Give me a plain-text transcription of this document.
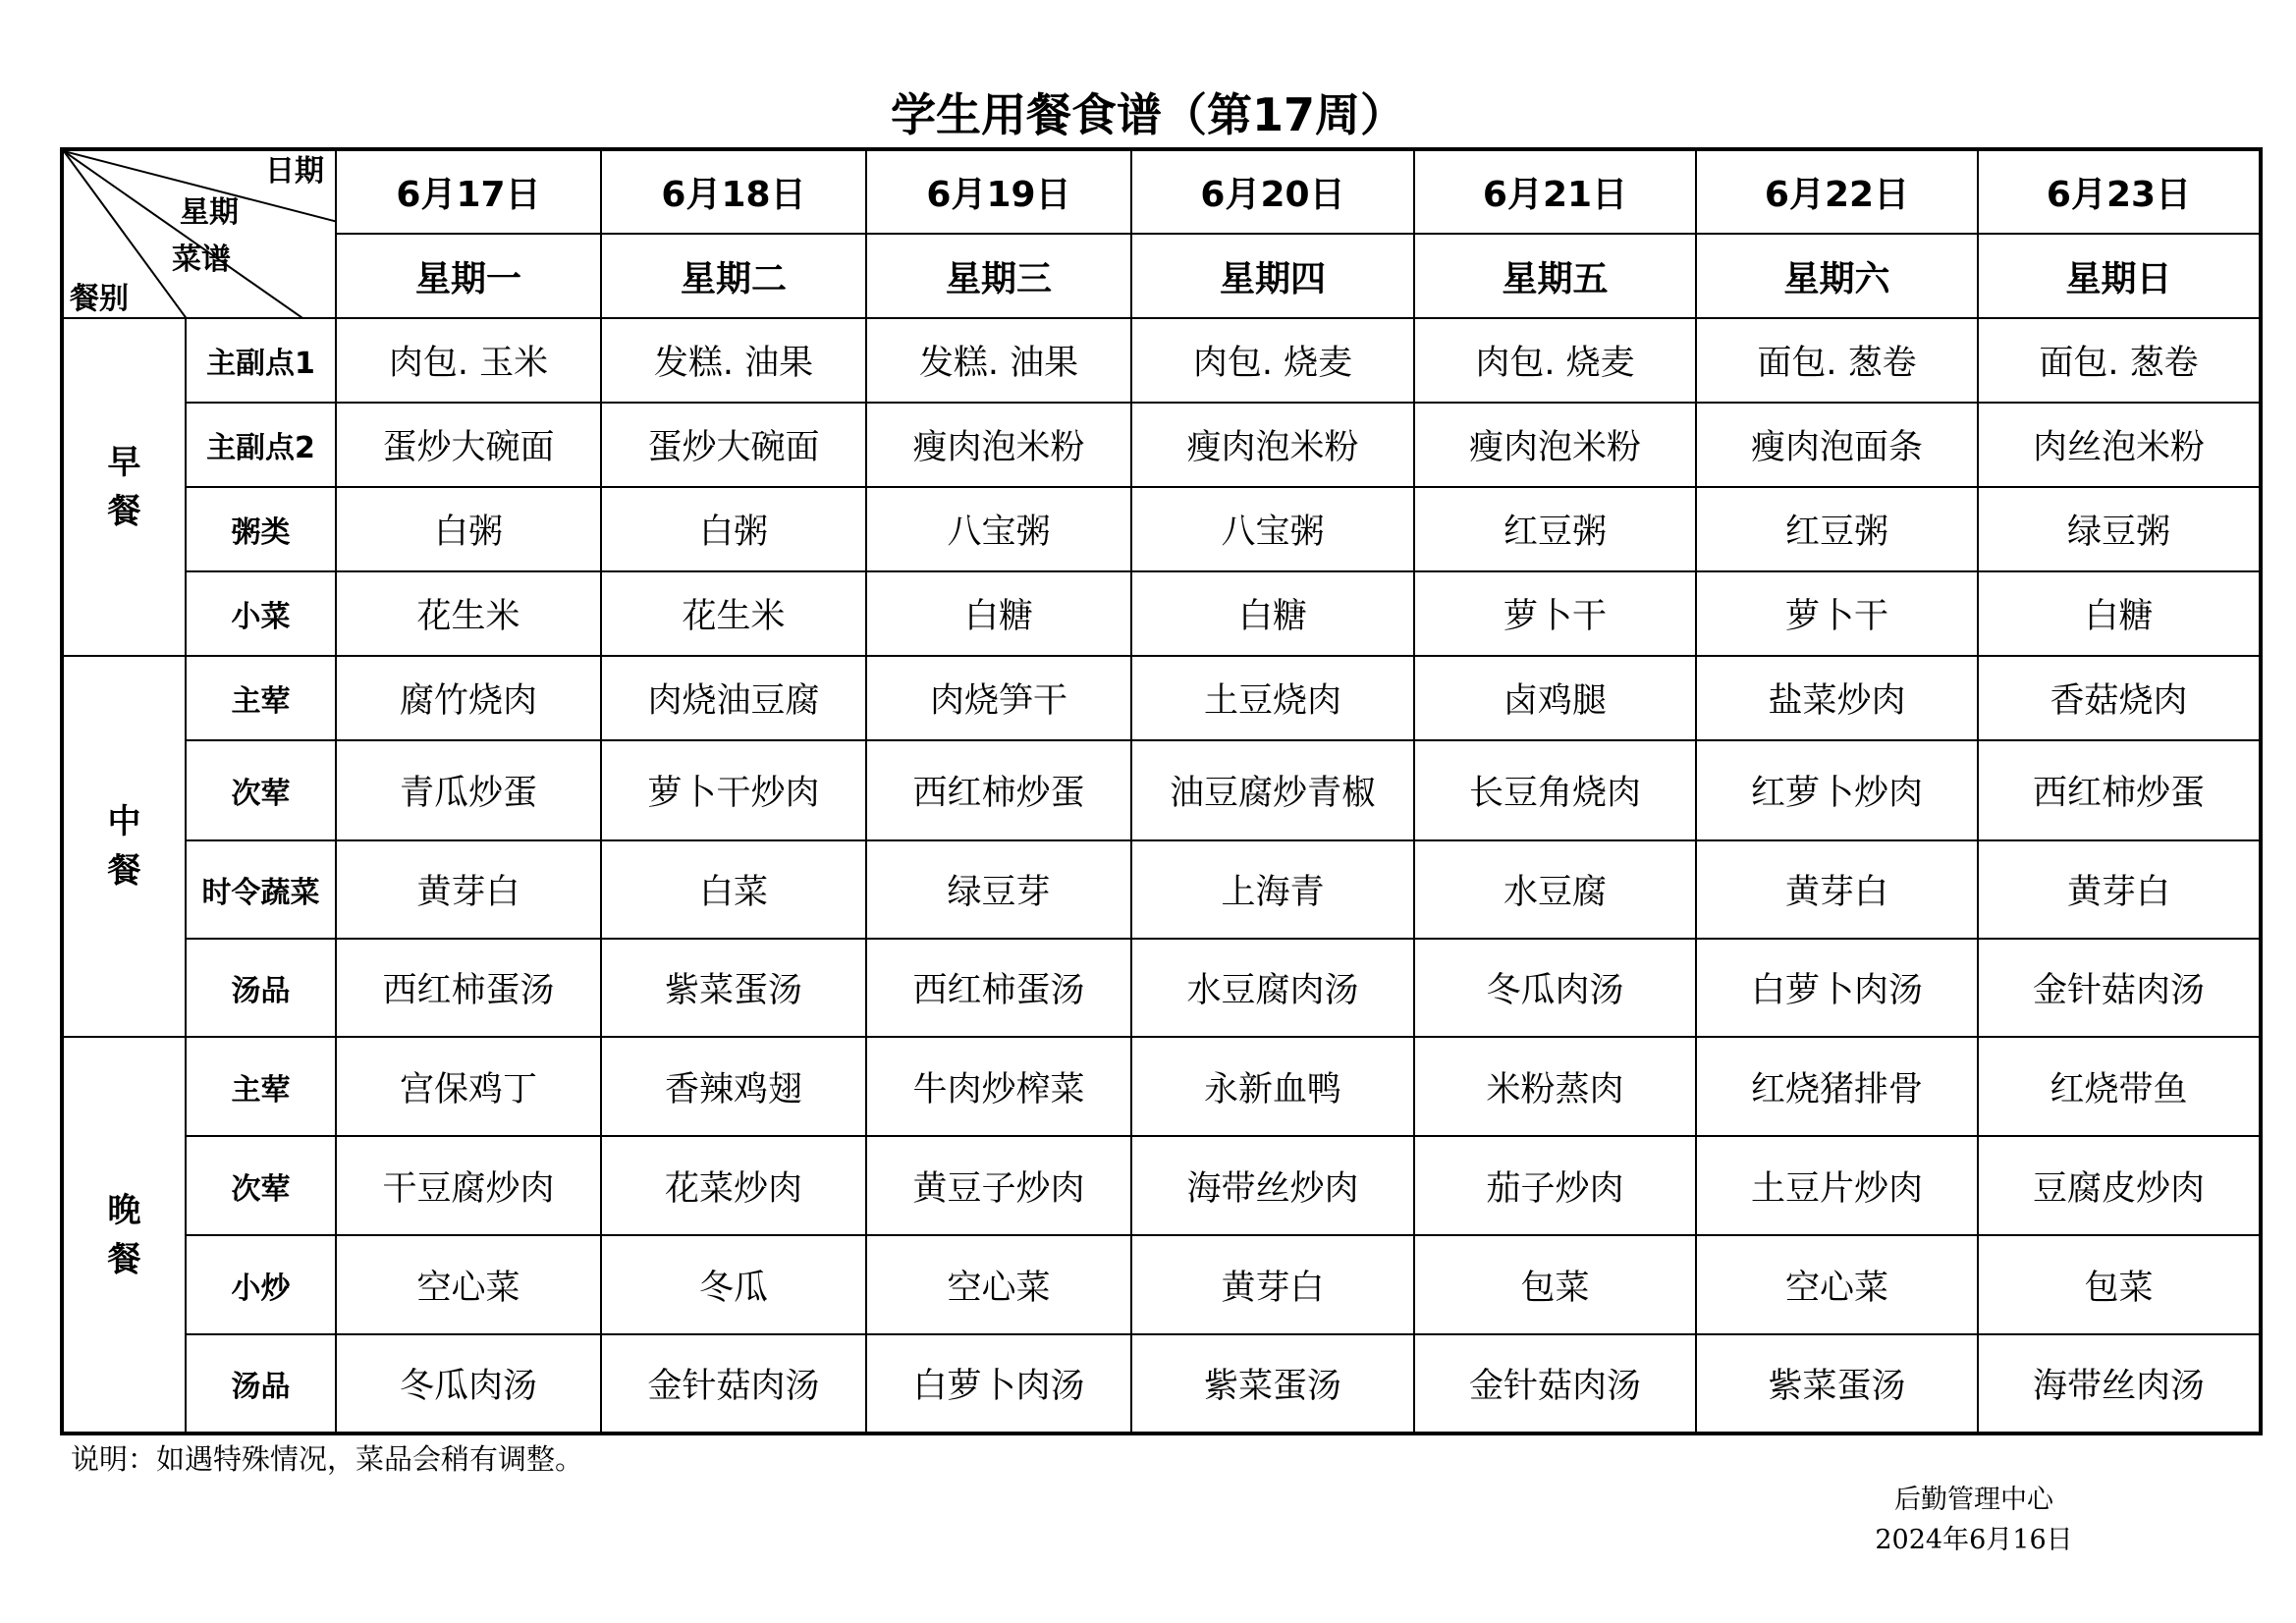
学生用餐食谱（第17周）
日期
星期
菜谱
餐别		6月17日	6月18日	6月19日	6月20日	6月21日	6月22日	6月23日
		星期一	星期二	星期三	星期四	星期五	星期六	星期日
早餐	主副点1	肉包. 玉米	发糕. 油果	发糕. 油果	肉包. 烧麦	肉包. 烧麦	面包. 葱卷	面包. 葱卷
	主副点2	蛋炒大碗面	蛋炒大碗面	瘦肉泡米粉	瘦肉泡米粉	瘦肉泡米粉	瘦肉泡面条	肉丝泡米粉
	粥类	白粥	白粥	八宝粥	八宝粥	红豆粥	红豆粥	绿豆粥
	小菜	花生米	花生米	白糖	白糖	萝卜干	萝卜干	白糖
中餐	主荤	腐竹烧肉	肉烧油豆腐	肉烧笋干	土豆烧肉	卤鸡腿	盐菜炒肉	香菇烧肉
	次荤	青瓜炒蛋	萝卜干炒肉	西红柿炒蛋	油豆腐炒青椒	长豆角烧肉	红萝卜炒肉	西红柿炒蛋
	时令蔬菜	黄芽白	白菜	绿豆芽	上海青	水豆腐	黄芽白	黄芽白
	汤品	西红柿蛋汤	紫菜蛋汤	西红柿蛋汤	水豆腐肉汤	冬瓜肉汤	白萝卜肉汤	金针菇肉汤
晚餐	主荤	宫保鸡丁	香辣鸡翅	牛肉炒榨菜	永新血鸭	米粉蒸肉	红烧猪排骨	红烧带鱼
	次荤	干豆腐炒肉	花菜炒肉	黄豆子炒肉	海带丝炒肉	茄子炒肉	土豆片炒肉	豆腐皮炒肉
	小炒	空心菜	冬瓜	空心菜	黄芽白	包菜	空心菜	包菜
	汤品	冬瓜肉汤	金针菇肉汤	白萝卜肉汤	紫菜蛋汤	金针菇肉汤	紫菜蛋汤	海带丝肉汤
说明：如遇特殊情况，菜品会稍有调整。
后勤管理中心
2024年6月16日
